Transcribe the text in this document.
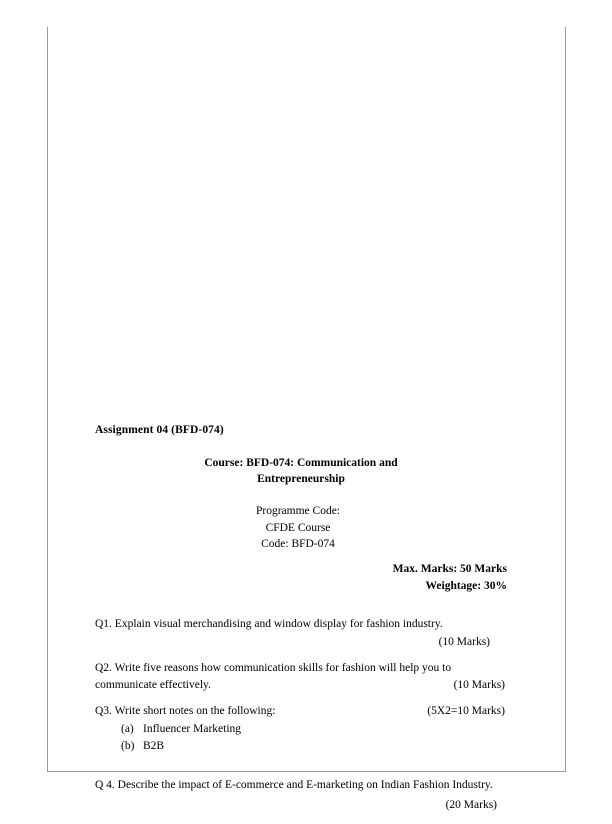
Assignment 04 (BFD-074)
Course: BFD-074: Communication and
Entrepreneurship
Programme Code:
CFDE Course
Code: BFD-074
Max. Marks: 50 Marks
Weightage: 30%
Q1. Explain visual merchandising and window display for fashion industry.
(10 Marks)
Q2. Write five reasons how communication skills for fashion will help you to
communicate effectively.	(10 Marks)
Q3. Write short notes on the following:	(5X2=10 Marks)
(a) Influencer Marketing
(b) B2B
Q 4. Describe the impact of E-commerce and E-marketing on Indian Fashion Industry.
(20 Marks)
